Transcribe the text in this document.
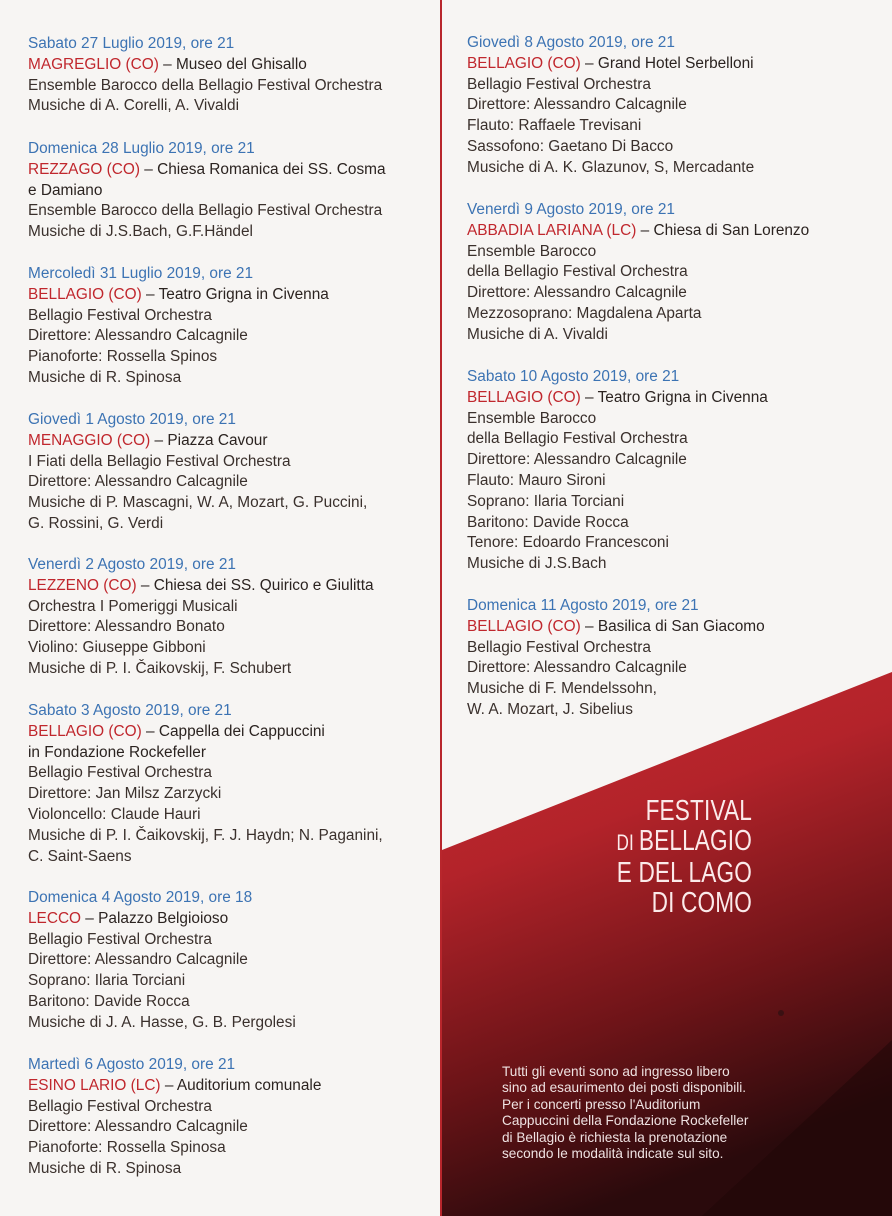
Sabato 27 Luglio 2019, ore 21
MAGREGLIO (CO) – Museo del Ghisallo
Ensemble Barocco della Bellagio Festival Orchestra
Musiche di A. Corelli, A. Vivaldi
Domenica 28 Luglio 2019, ore 21
REZZAGO (CO) – Chiesa Romanica dei SS. Cosma
e Damiano
Ensemble Barocco della Bellagio Festival Orchestra
Musiche di J.S.Bach, G.F.Händel
Mercoledì 31 Luglio 2019, ore 21
BELLAGIO (CO) – Teatro Grigna in Civenna
Bellagio Festival Orchestra
Direttore: Alessandro Calcagnile
Pianoforte: Rossella Spinos
Musiche di R. Spinosa
Giovedì 1 Agosto 2019, ore 21
MENAGGIO (CO) – Piazza Cavour
I Fiati della Bellagio Festival Orchestra
Direttore: Alessandro Calcagnile
Musiche di P. Mascagni, W. A, Mozart, G. Puccini,
G. Rossini, G. Verdi
Venerdì 2 Agosto 2019, ore 21
LEZZENO (CO) – Chiesa dei SS. Quirico e Giulitta
Orchestra I Pomeriggi Musicali
Direttore: Alessandro Bonato
Violino: Giuseppe Gibboni
Musiche di P. I. Čaikovskij, F. Schubert
Sabato 3 Agosto 2019, ore 21
BELLAGIO (CO) – Cappella dei Cappuccini
in Fondazione Rockefeller
Bellagio Festival Orchestra
Direttore: Jan Milsz Zarzycki
Violoncello: Claude Hauri
Musiche di P. I. Čaikovskij, F. J. Haydn; N. Paganini,
C. Saint-Saens
Domenica 4 Agosto 2019, ore 18
LECCO – Palazzo Belgioioso
Bellagio Festival Orchestra
Direttore: Alessandro Calcagnile
Soprano: Ilaria Torciani
Baritono: Davide Rocca
Musiche di J. A. Hasse, G. B. Pergolesi
Martedì 6 Agosto 2019, ore 21
ESINO LARIO (LC) – Auditorium comunale
Bellagio Festival Orchestra
Direttore: Alessandro Calcagnile
Pianoforte: Rossella Spinosa
Musiche di R. Spinosa
Giovedì 8 Agosto 2019, ore 21
BELLAGIO (CO) – Grand Hotel Serbelloni
Bellagio Festival Orchestra
Direttore: Alessandro Calcagnile
Flauto: Raffaele Trevisani
Sassofono: Gaetano Di Bacco
Musiche di A. K. Glazunov, S, Mercadante
Venerdì 9 Agosto 2019, ore 21
ABBADIA LARIANA (LC) – Chiesa di San Lorenzo
Ensemble Barocco
della Bellagio Festival Orchestra
Direttore: Alessandro Calcagnile
Mezzosoprano: Magdalena Aparta
Musiche di A. Vivaldi
Sabato 10 Agosto 2019, ore 21
BELLAGIO (CO) – Teatro Grigna in Civenna
Ensemble Barocco
della Bellagio Festival Orchestra
Direttore: Alessandro Calcagnile
Flauto: Mauro Sironi
Soprano: Ilaria Torciani
Baritono: Davide Rocca
Tenore: Edoardo Francesconi
Musiche di J.S.Bach
Domenica 11 Agosto 2019, ore 21
BELLAGIO (CO) – Basilica di San Giacomo
Bellagio Festival Orchestra
Direttore: Alessandro Calcagnile
Musiche di F. Mendelssohn,
W. A. Mozart, J. Sibelius
FESTIVAL
DI BELLAGIO
E DEL LAGO
DI COMO
Tutti gli eventi sono ad ingresso libero
sino ad esaurimento dei posti disponibili.
Per i concerti presso l'Auditorium
Cappuccini della Fondazione Rockefeller
di Bellagio è richiesta la prenotazione
secondo le modalità indicate sul sito.
